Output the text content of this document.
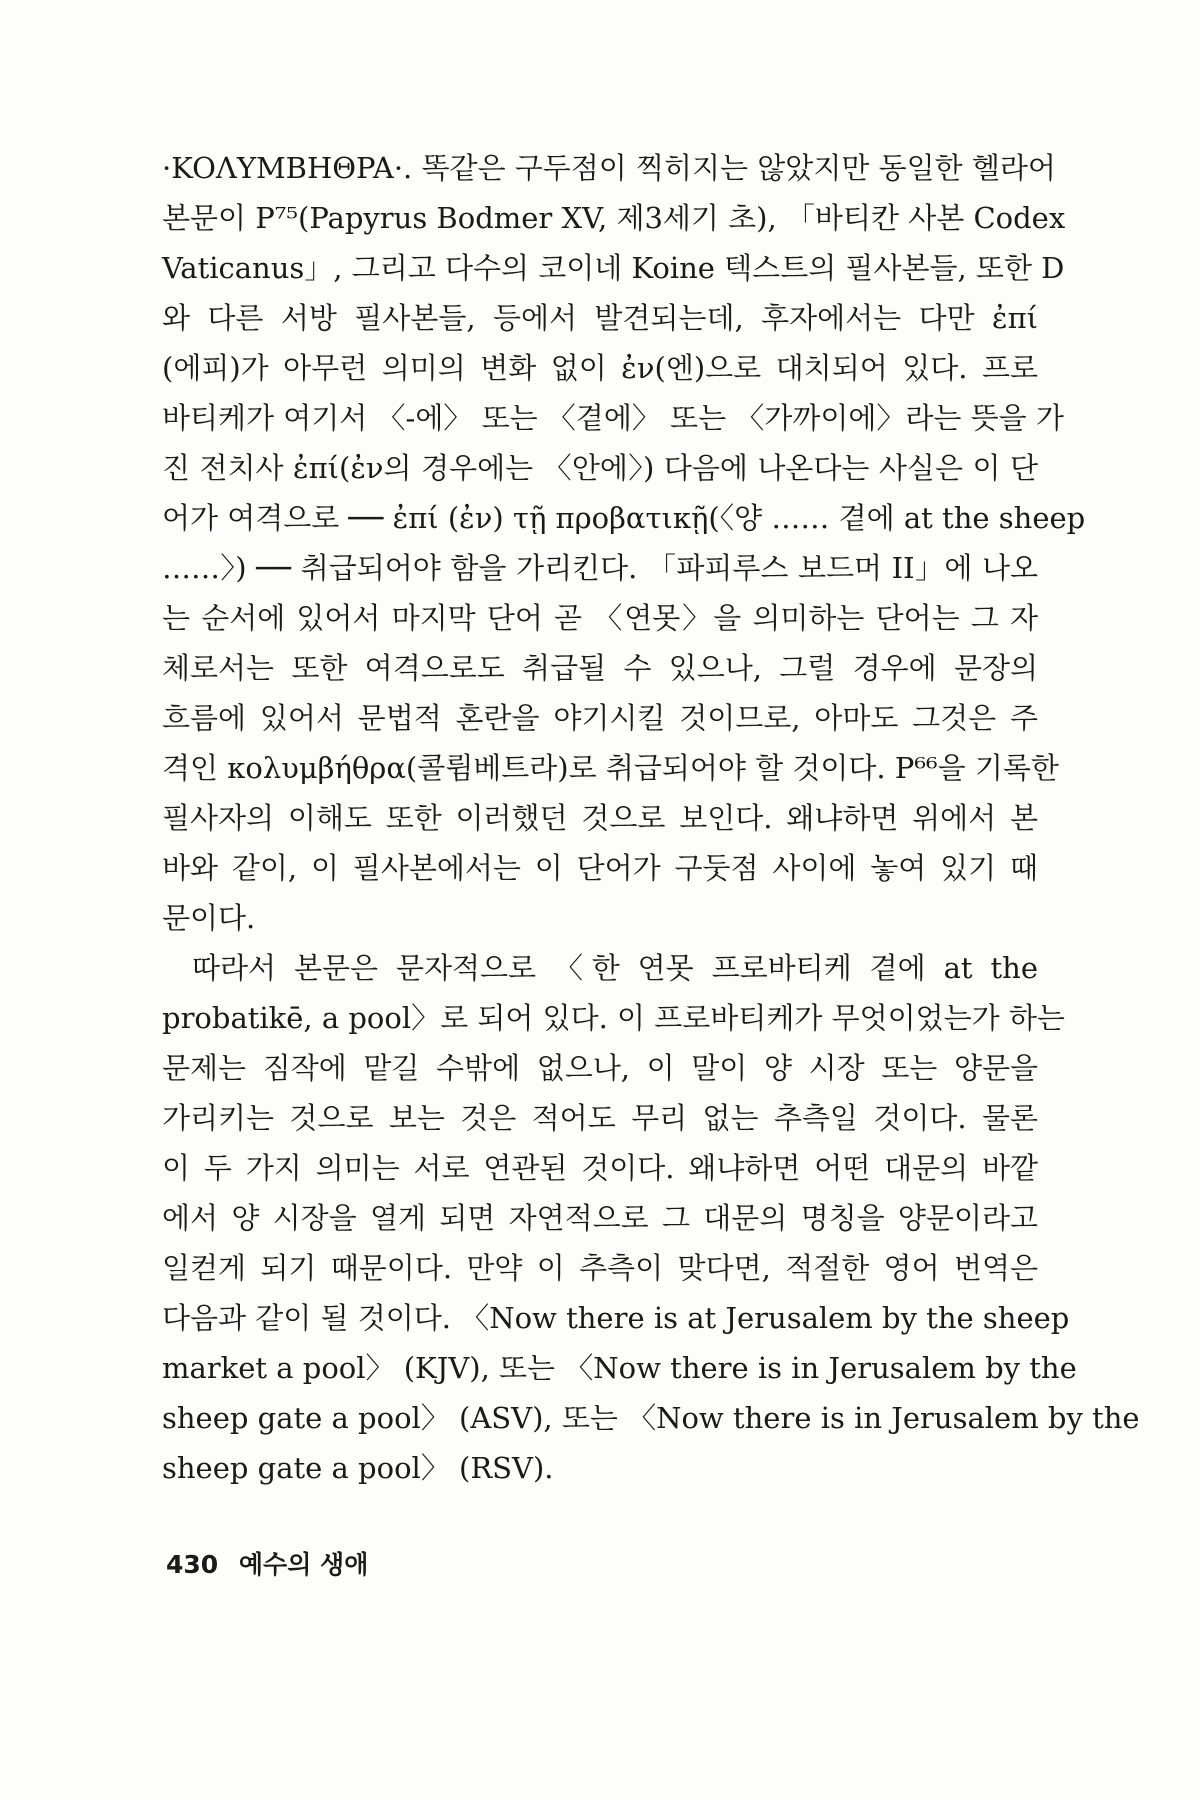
·KOΛΥMBHΘPA·. 똑같은 구두점이 찍히지는 않았지만 동일한 헬라어
본문이 P⁷⁵(Papyrus Bodmer XV, 제3세기 초), 「바티칸 사본 Codex
Vaticanus」, 그리고 다수의 코이네 Koine 텍스트의 필사본들, 또한 D
와 다른 서방 필사본들, 등에서 발견되는데, 후자에서는 다만 ἐπί
(에피)가 아무런 의미의 변화 없이 ἐν(엔)으로 대치되어 있다. 프로
바티케가 여기서 〈-에〉 또는 〈곁에〉 또는 〈가까이에〉라는 뜻을 가
진 전치사 ἐπί(ἐν의 경우에는 〈안에〉) 다음에 나온다는 사실은 이 단
어가 여격으로 ── ἐπί (ἐν) τῇ προβατικῇ(〈양 …… 곁에 at the sheep
……〉) ── 취급되어야 함을 가리킨다. 「파피루스 보드머 II」에 나오
는 순서에 있어서 마지막 단어 곧 〈연못〉을 의미하는 단어는 그 자
체로서는 또한 여격으로도 취급될 수 있으나, 그럴 경우에 문장의
흐름에 있어서 문법적 혼란을 야기시킬 것이므로, 아마도 그것은 주
격인 κολυμβήθρα(콜륌베트라)로 취급되어야 할 것이다. P⁶⁶을 기록한
필사자의 이해도 또한 이러했던 것으로 보인다. 왜냐하면 위에서 본
바와 같이, 이 필사본에서는 이 단어가 구둣점 사이에 놓여 있기 때
문이다.
따라서 본문은 문자적으로 〈한 연못 프로바티케 곁에 at the
probatikē, a pool〉로 되어 있다. 이 프로바티케가 무엇이었는가 하는
문제는 짐작에 맡길 수밖에 없으나, 이 말이 양 시장 또는 양문을
가리키는 것으로 보는 것은 적어도 무리 없는 추측일 것이다. 물론
이 두 가지 의미는 서로 연관된 것이다. 왜냐하면 어떤 대문의 바깥
에서 양 시장을 열게 되면 자연적으로 그 대문의 명칭을 양문이라고
일컫게 되기 때문이다. 만약 이 추측이 맞다면, 적절한 영어 번역은
다음과 같이 될 것이다. 〈Now there is at Jerusalem by the sheep
market a pool〉 (KJV), 또는 〈Now there is in Jerusalem by the
sheep gate a pool〉 (ASV), 또는 〈Now there is in Jerusalem by the
sheep gate a pool〉 (RSV).
430 예수의 생애
